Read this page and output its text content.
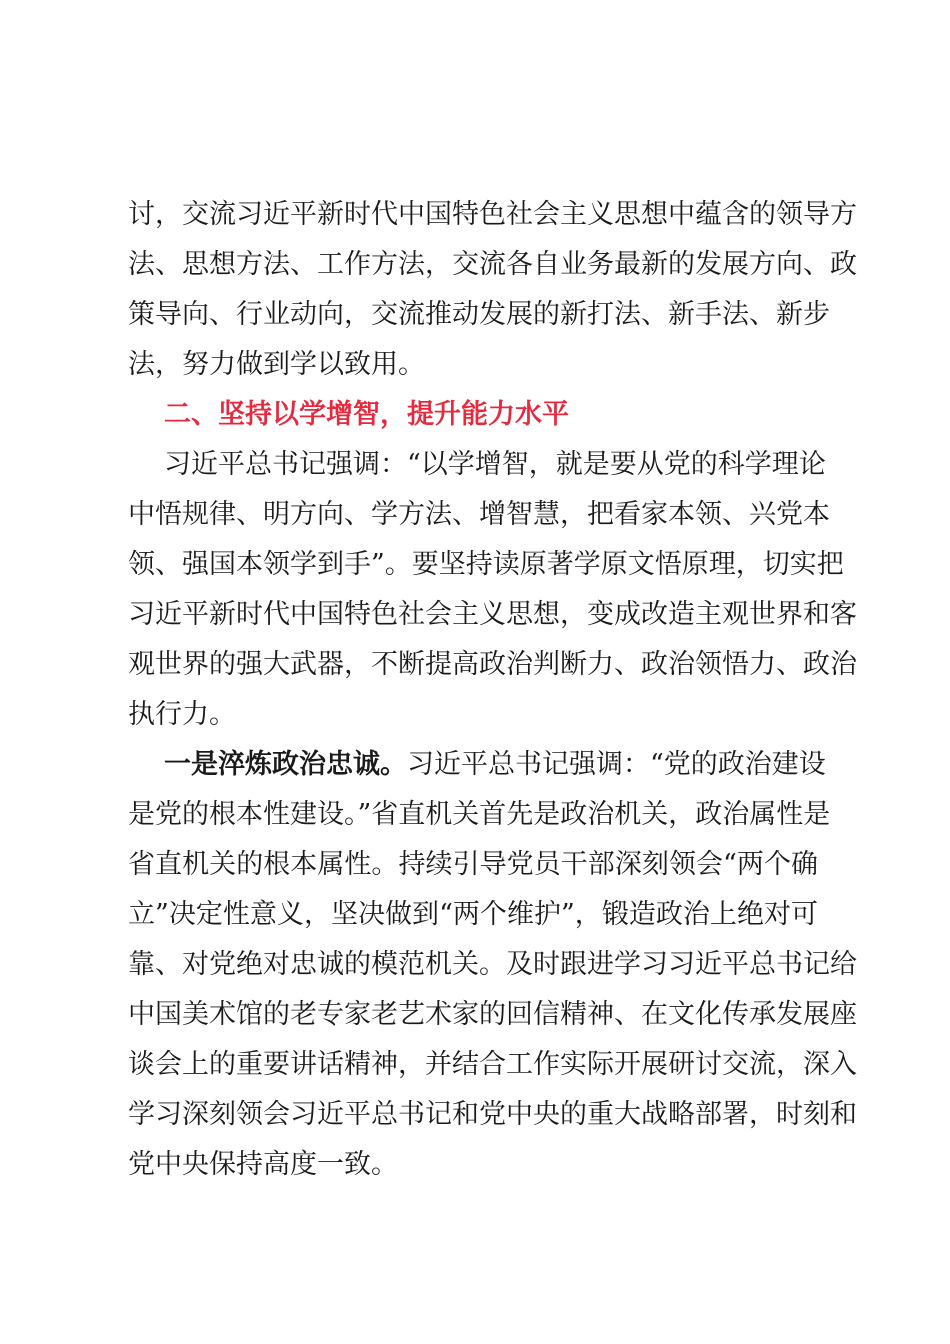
讨，交流习近平新时代中国特色社会主义思想中蕴含的领导方
法、思想方法、工作方法，交流各自业务最新的发展方向、政
策导向、行业动向，交流推动发展的新打法、新手法、新步
法，努力做到学以致用。
二、坚持以学增智，提升能力水平
习近平总书记强调：“以学增智，就是要从党的科学理论
中悟规律、明方向、学方法、增智慧，把看家本领、兴党本
领、强国本领学到手”。要坚持读原著学原文悟原理，切实把
习近平新时代中国特色社会主义思想，变成改造主观世界和客
观世界的强大武器，不断提高政治判断力、政治领悟力、政治
执行力。
一是淬炼政治忠诚。习近平总书记强调：“党的政治建设
是党的根本性建设。”省直机关首先是政治机关，政治属性是
省直机关的根本属性。持续引导党员干部深刻领会“两个确
立”决定性意义，坚决做到“两个维护”，锻造政治上绝对可
靠、对党绝对忠诚的模范机关。及时跟进学习习近平总书记给
中国美术馆的老专家老艺术家的回信精神、在文化传承发展座
谈会上的重要讲话精神，并结合工作实际开展研讨交流，深入
学习深刻领会习近平总书记和党中央的重大战略部署，时刻和
党中央保持高度一致。
